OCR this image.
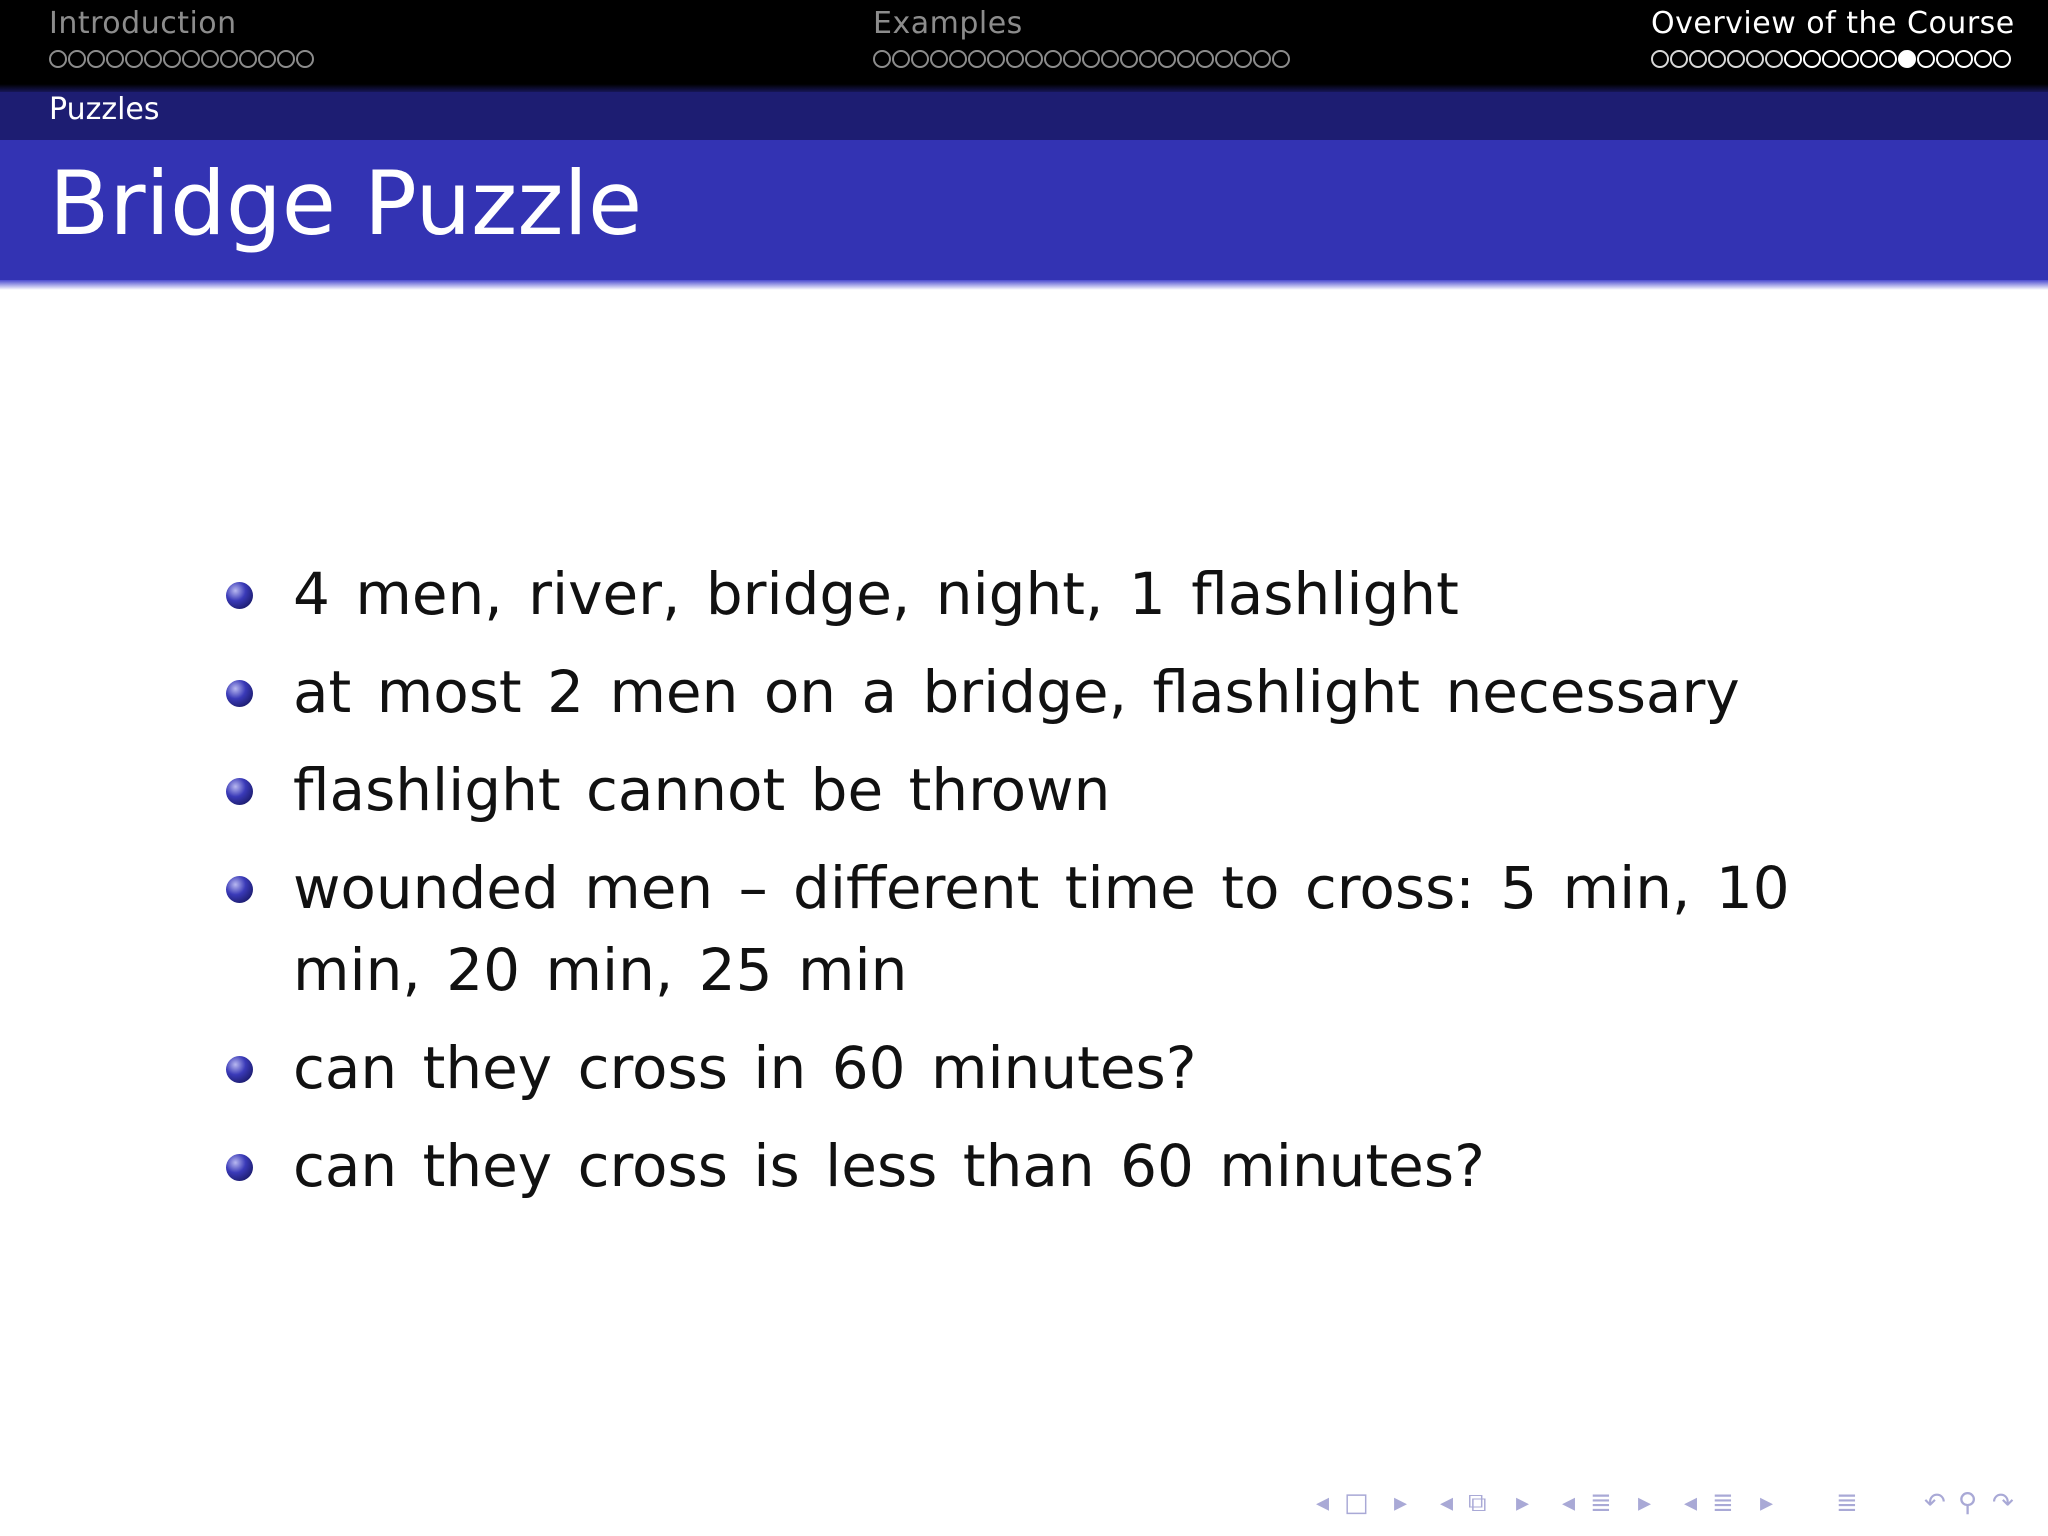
Introduction	Examples	Overview of the Course
Puzzles
Bridge Puzzle
4 men, river, bridge, night, 1 flashlight
at most 2 men on a bridge, flashlight necessary
flashlight cannot be thrown
wounded men – different time to cross: 5 min, 10 min, 20 min, 25 min
can they cross in 60 minutes?
can they cross is less than 60 minutes?
◂ □ ▸ ◂ ⧉ ▸ ◂ ≣ ▸ ◂ ≣ ▸ ≣	↶ ⚲ ↷
